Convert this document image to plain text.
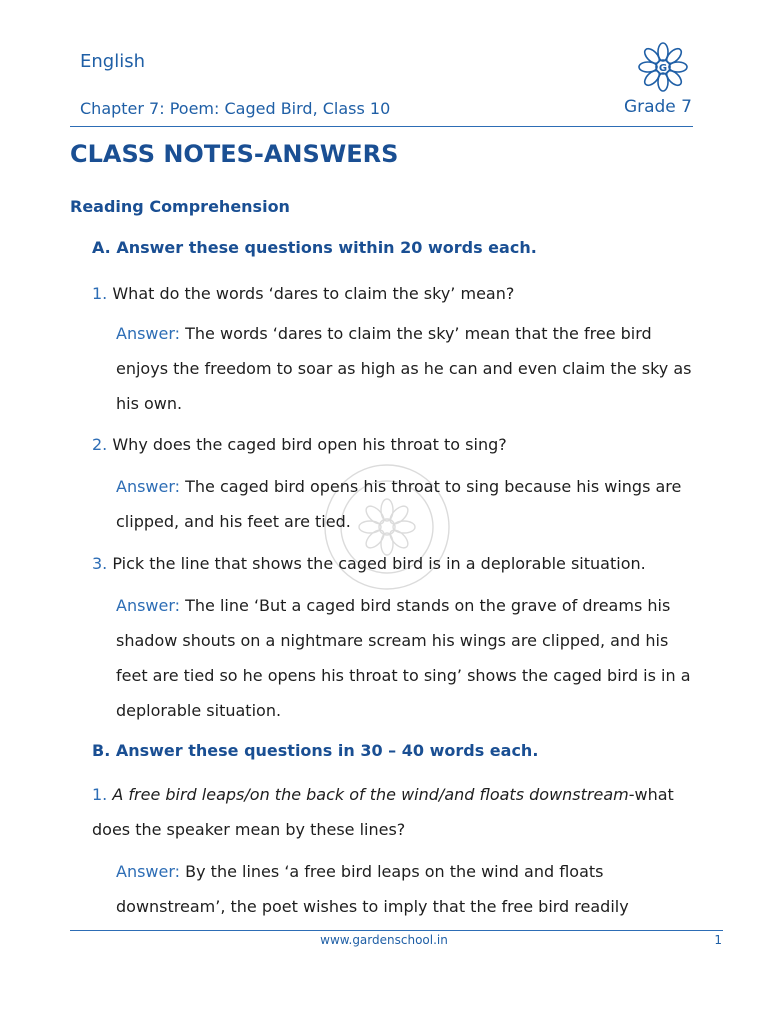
English	G
Chapter 7: Poem: Caged Bird, Class 10	Grade 7
CLASS NOTES-ANSWERS
Reading Comprehension
A. Answer these questions within 20 words each.
1. What do the words ‘dares to claim the sky’ mean?
Answer: The words ‘dares to claim the sky’ mean that the free bird enjoys the freedom to soar as high as he can and even claim the sky as his own.
2. Why does the caged bird open his throat to sing?
Answer: The caged bird opens his throat to sing because his wings are clipped, and his feet are tied.
3. Pick the line that shows the caged bird is in a deplorable situation.
Answer: The line ‘But a caged bird stands on the grave of dreams his shadow shouts on a nightmare scream his wings are clipped, and his feet are tied so he opens his throat to sing’ shows the caged bird is in a deplorable situation.
B. Answer these questions in 30 – 40 words each.
1. A free bird leaps/on the back of the wind/and floats downstream-what does the speaker mean by these lines?
Answer: By the lines ‘a free bird leaps on the wind and floats downstream’, the poet wishes to imply that the free bird readily
www.gardenschool.in	1
